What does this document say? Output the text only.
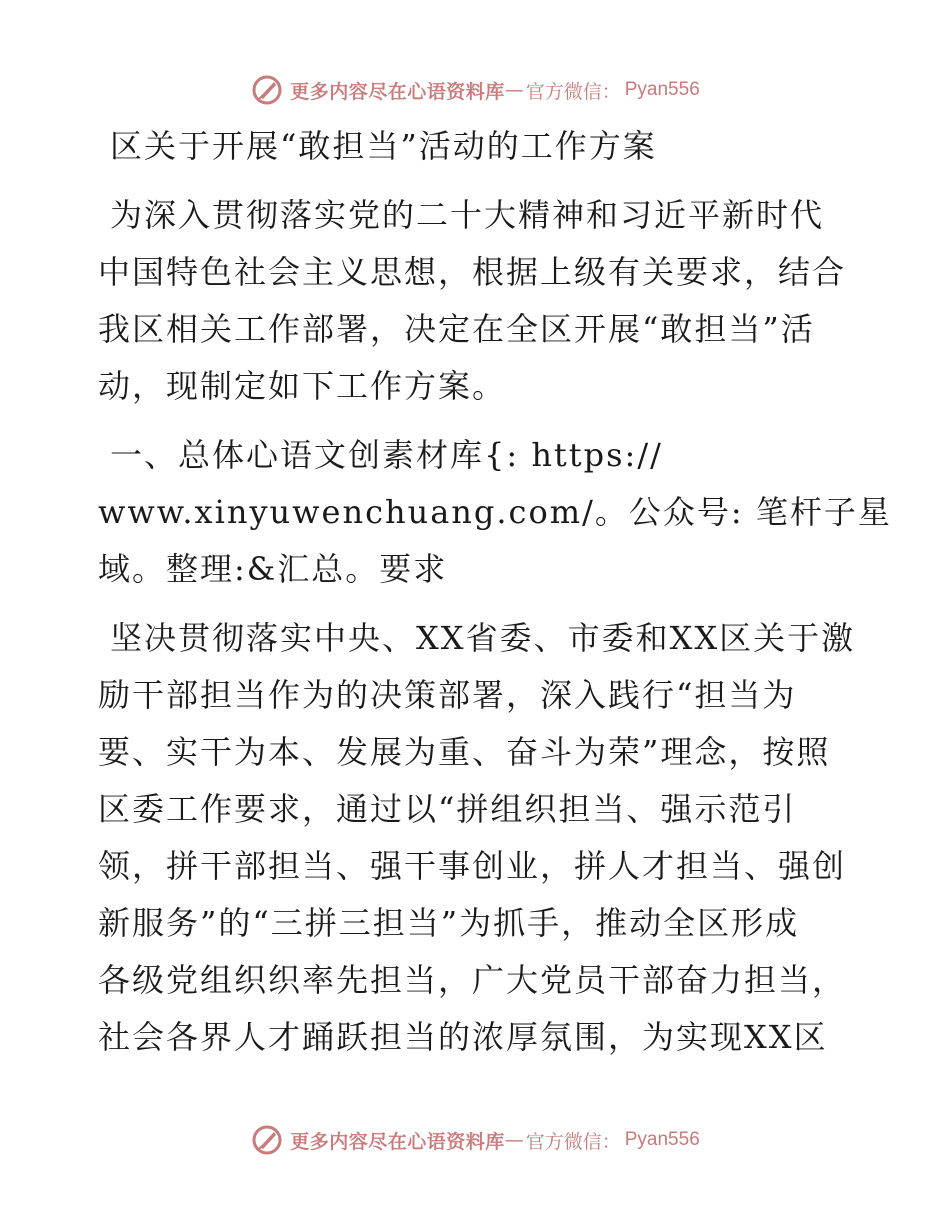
更多内容尽在心语资料库 — 官方微信： Pyan556
区关于开展“敢担当”活动的工作方案
为深入贯彻落实党的二十大精神和习近平新时代
中国特色社会主义思想，根据上级有关要求，结合
我区相关工作部署，决定在全区开展“敢担当”活
动，现制定如下工作方案。
一、总体心语文创素材库{: https://
www.xinyuwenchuang.com/。公众号: 笔杆子星
域。整理:&汇总。要求
坚决贯彻落实中央、XX省委、市委和XX区关于激
励干部担当作为的决策部署，深入践行“担当为
要、实干为本、发展为重、奋斗为荣”理念，按照
区委工作要求，通过以“拼组织担当、强示范引
领，拼干部担当、强干事创业，拼人才担当、强创
新服务”的“三拼三担当”为抓手，推动全区形成
各级党组织织率先担当，广大党员干部奋力担当，
社会各界人才踊跃担当的浓厚氛围，为实现XX区
更多内容尽在心语资料库 — 官方微信： Pyan556
